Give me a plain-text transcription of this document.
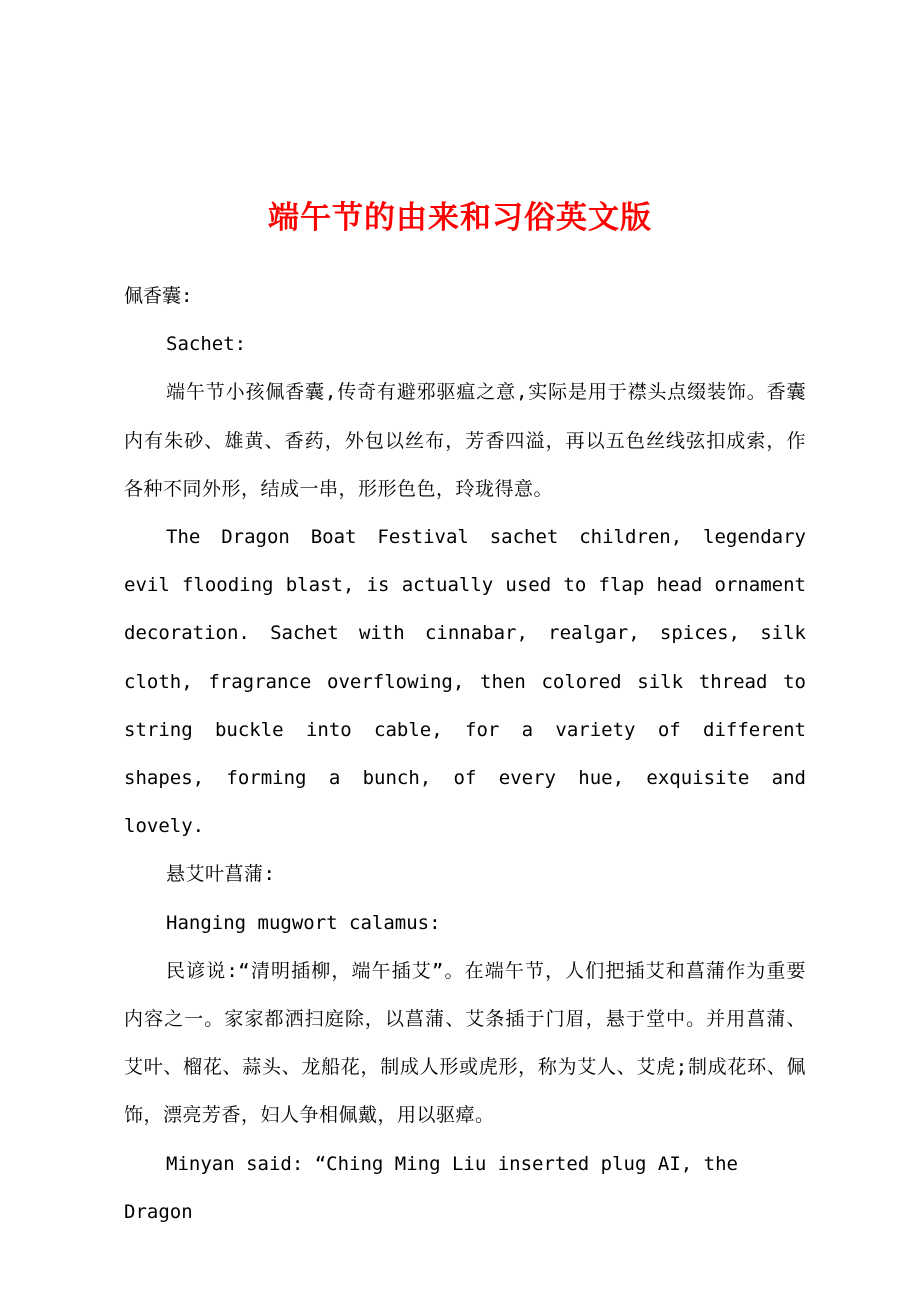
端午节的由来和习俗英文版

佩香囊:

Sachet:

端午节小孩佩香囊,传奇有避邪驱瘟之意,实际是用于襟头点缀装饰。香囊内有朱砂、雄黄、香药，外包以丝布，芳香四溢，再以五色丝线弦扣成索，作各种不同外形，结成一串，形形色色，玲珑得意。

The Dragon Boat Festival sachet children, legendary evil flooding blast, is actually used to flap head ornament decoration. Sachet with cinnabar, realgar, spices, silk cloth, fragrance overflowing, then colored silk thread to string buckle into cable, for a variety of different shapes, forming a bunch, of every hue, exquisite and lovely.

悬艾叶菖蒲:

Hanging mugwort calamus:

民谚说:“清明插柳，端午插艾”。在端午节，人们把插艾和菖蒲作为重要内容之一。家家都洒扫庭除，以菖蒲、艾条插于门眉，悬于堂中。并用菖蒲、艾叶、榴花、蒜头、龙船花，制成人形或虎形，称为艾人、艾虎;制成花环、佩饰，漂亮芳香，妇人争相佩戴，用以驱瘴。

Minyan said: “Ching Ming Liu inserted plug AI, the Dragon
